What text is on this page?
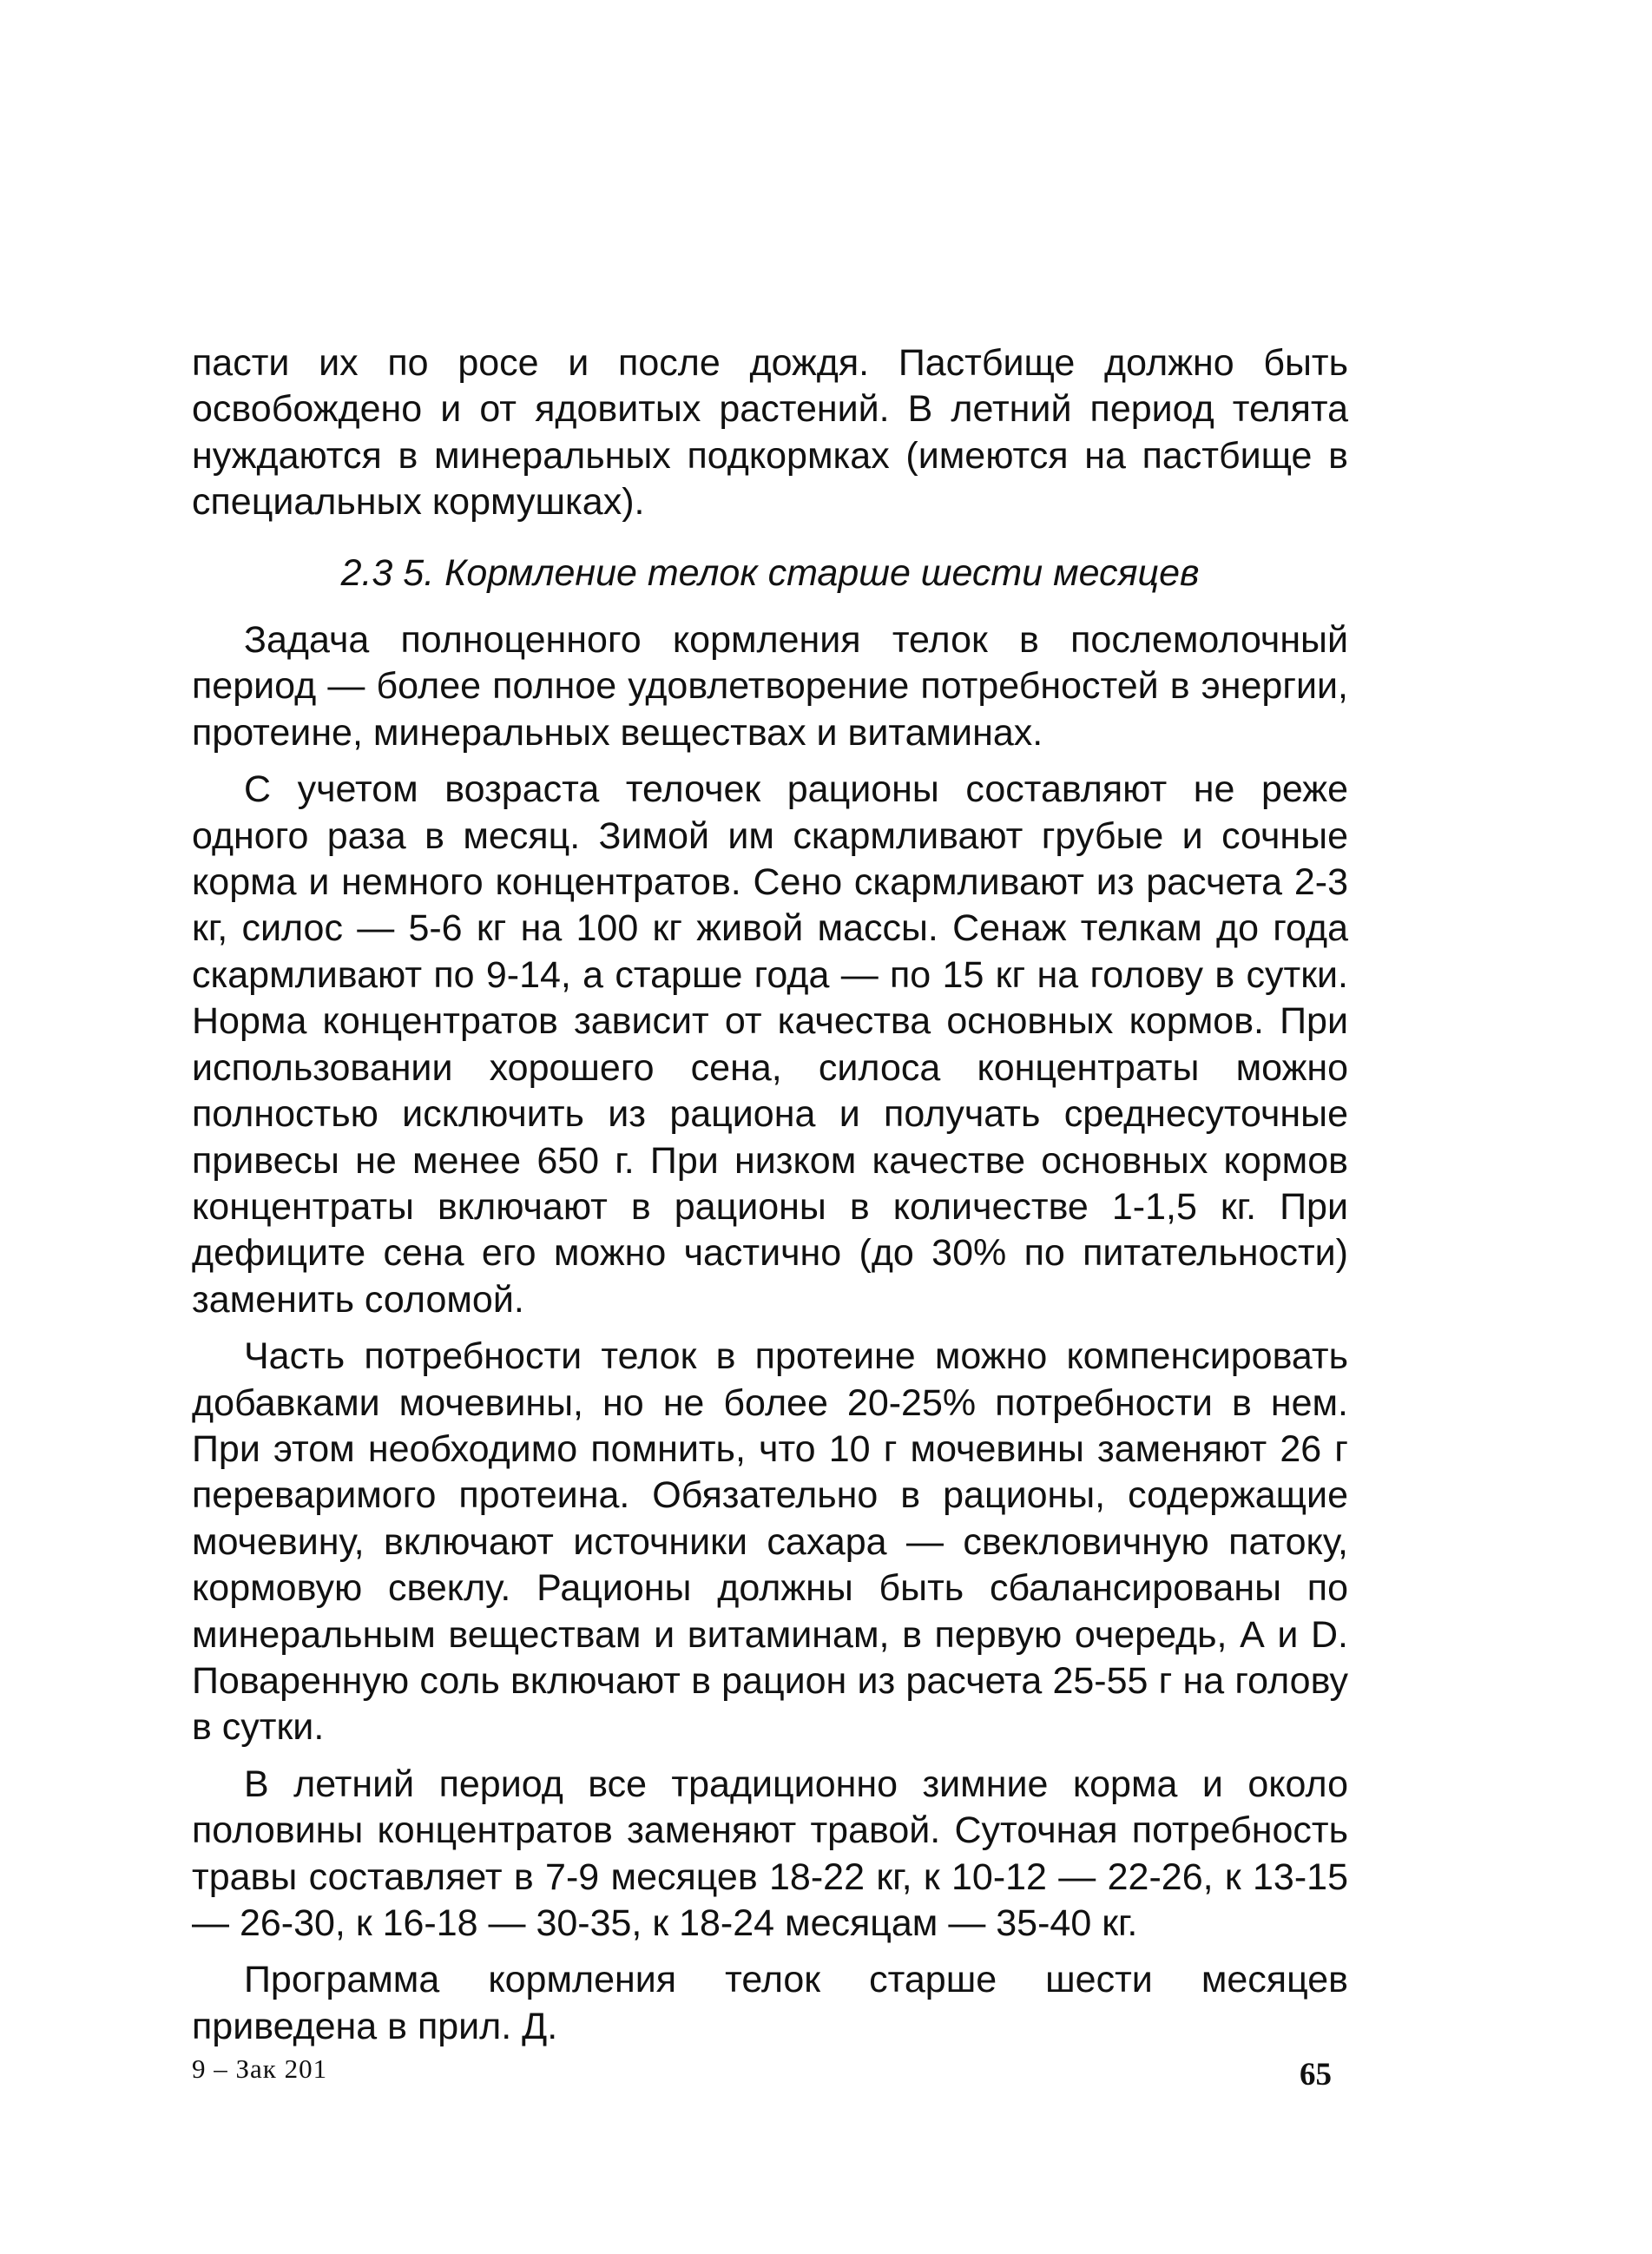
пасти их по росе и после дождя. Пастбище должно быть освобождено и от ядовитых растений. В летний период телята нуждаются в минеральных подкормках (имеются на пастбище в специальных кормушках).

2.3 5. Кормление телок старше шести месяцев

Задача полноценного кормления телок в послемолочный период — более полное удовлетворение потребностей в энергии, протеине, минеральных веществах и витаминах.

С учетом возраста телочек рационы составляют не реже одного раза в месяц. Зимой им скармливают грубые и сочные корма и немного концентратов. Сено скармливают из расчета 2-3 кг, силос — 5-6 кг на 100 кг живой массы. Сенаж телкам до года скармливают по 9-14, а старше года — по 15 кг на голову в сутки. Норма концентратов зависит от качества основных кормов. При использовании хорошего сена, силоса концентраты можно полностью исключить из рациона и получать среднесуточные привесы не менее 650 г. При низком качестве основных кормов концентраты включают в рационы в количестве 1-1,5 кг. При дефиците сена его можно частично (до 30% по питательности) заменить соломой.

Часть потребности телок в протеине можно компенсировать добавками мочевины, но не более 20-25% потребности в нем. При этом необходимо помнить, что 10 г мочевины заменяют 26 г переваримого протеина. Обязательно в рационы, содержащие мочевину, включают источники сахара — свекловичную патоку, кормовую свеклу. Рационы должны быть сбалансированы по минеральным веществам и витаминам, в первую очередь, А и D. Поваренную соль включают в рацион из расчета 25-55 г на голову в сутки.

В летний период все традиционно зимние корма и около половины концентратов заменяют травой. Суточная потребность травы составляет в 7-9 месяцев 18-22 кг, к 10-12 — 22-26, к 13-15 — 26-30, к 16-18 — 30-35, к 18-24 месяцам — 35-40 кг.

Программа кормления телок старше шести месяцев приведена в прил. Д.

9 – Зак 201	65
